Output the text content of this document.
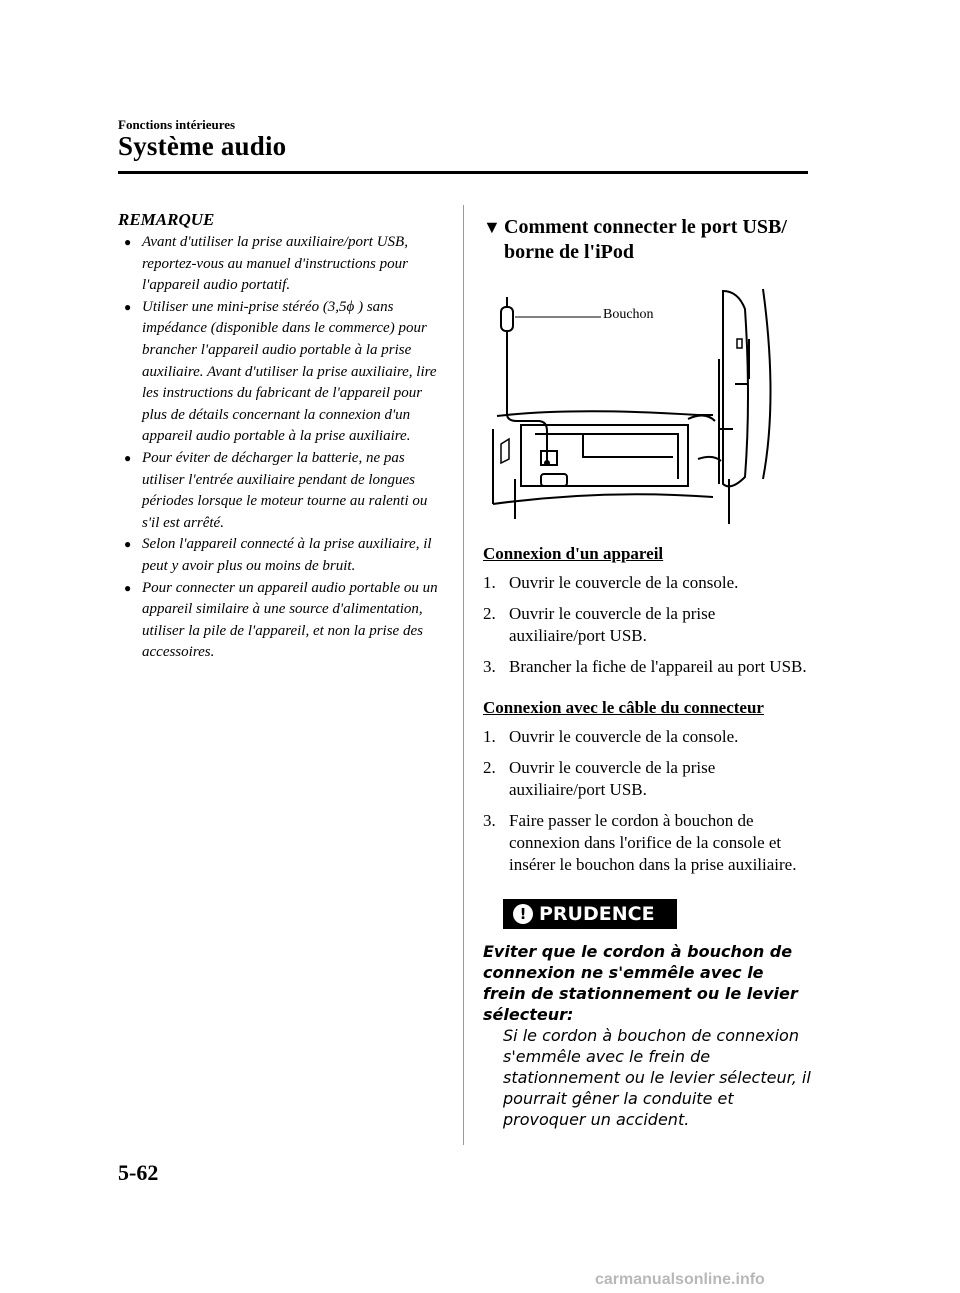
Fonctions intérieures
Système audio

REMARQUE

● Avant d'utiliser la prise auxiliaire/port USB, reportez-vous au manuel d'instructions pour l'appareil audio portatif.
● Utiliser une mini-prise stéréo (3,5ϕ ) sans impédance (disponible dans le commerce) pour brancher l'appareil audio portable à la prise auxiliaire. Avant d'utiliser la prise auxiliaire, lire les instructions du fabricant de l'appareil pour plus de détails concernant la connexion d'un appareil audio portable à la prise auxiliaire.
● Pour éviter de décharger la batterie, ne pas utiliser l'entrée auxiliaire pendant de longues périodes lorsque le moteur tourne au ralenti ou s'il est arrêté.
● Selon l'appareil connecté à la prise auxiliaire, il peut y avoir plus ou moins de bruit.
● Pour connecter un appareil audio portable ou un appareil similaire à une source d'alimentation, utiliser la pile de l'appareil, et non la prise des accessoires.
▼ Comment connecter le port USB/ borne de l'iPod
Bouchon

Connexion d'un appareil

1. Ouvrir le couvercle de la console.
2. Ouvrir le couvercle de la prise auxiliaire/port USB.
3. Brancher la fiche de l'appareil au port USB.

Connexion avec le câble du connecteur

1. Ouvrir le couvercle de la console.
2. Ouvrir le couvercle de la prise auxiliaire/port USB.
3. Faire passer le cordon à bouchon de connexion dans l'orifice de la console et insérer le bouchon dans la prise auxiliaire.
! PRUDENCE

Eviter que le cordon à bouchon de connexion ne s'emmêle avec le frein de stationnement ou le levier sélecteur:

Si le cordon à bouchon de connexion s'emmêle avec le frein de stationnement ou le levier sélecteur, il pourrait gêner la conduite et provoquer un accident.

5-62
carmanualsonline.info
